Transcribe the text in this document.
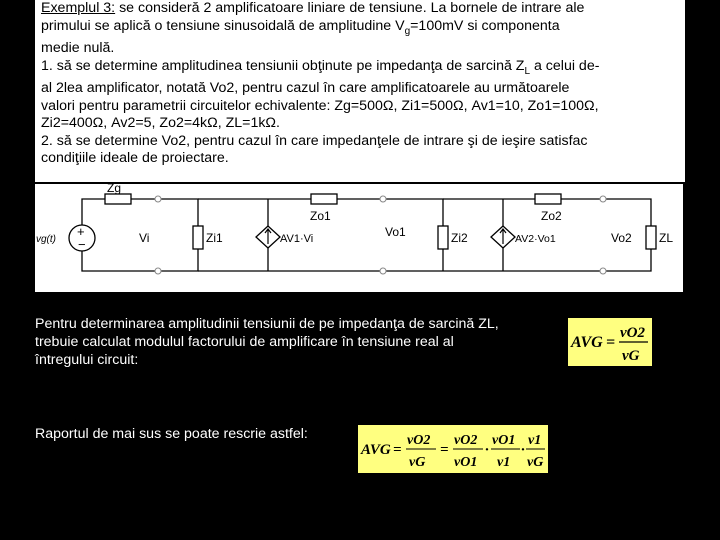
Exemplul 3: se consideră 2 amplificatoare liniare de tensiune. La bornele de intrare ale

primului se aplică o tensiune sinusoidală de amplitudine $V_g=100mV$ si componenta

medie nulă.

1. să se determine amplitudinea tensiunii obţinute pe impedanţa de sarcină $Z_L$ a celui de-

al 2lea amplificator, notată Vo2, pentru cazul în care amplificatoarele au următoarele

valori pentru parametrii circuitelor echivalente: Zg=500Ω, Zi1=500Ω, Av1=10, Zo1=100Ω,

Zi2=400Ω, Av2=5, Zo2=4kΩ, ZL=1kΩ.

2. să se determine Vo2, pentru cazul în care impedanţele de intrare şi de ieşire satisfac

condiţiile ideale de proiectare.

Zg
+
−
vg(t)	Vi	Zi1	AV1·Vi
Zo1
Vo1	Zi2	AV2·Vo1
Zo2
Vo2 ZL
Pentru determinarea amplitudinii tensiunii de pe impedanţa de sarcină ZL,
trebuie calculat modulul factorului de amplificare în tensiune real al
întregului circuit:
AVG =
vO2
vG
Raportul de mai sus se poate rescrie astfel:
AVG =
vO2
vG
=
vO2
vO1
·
vO1
v1
·
v1
vG
